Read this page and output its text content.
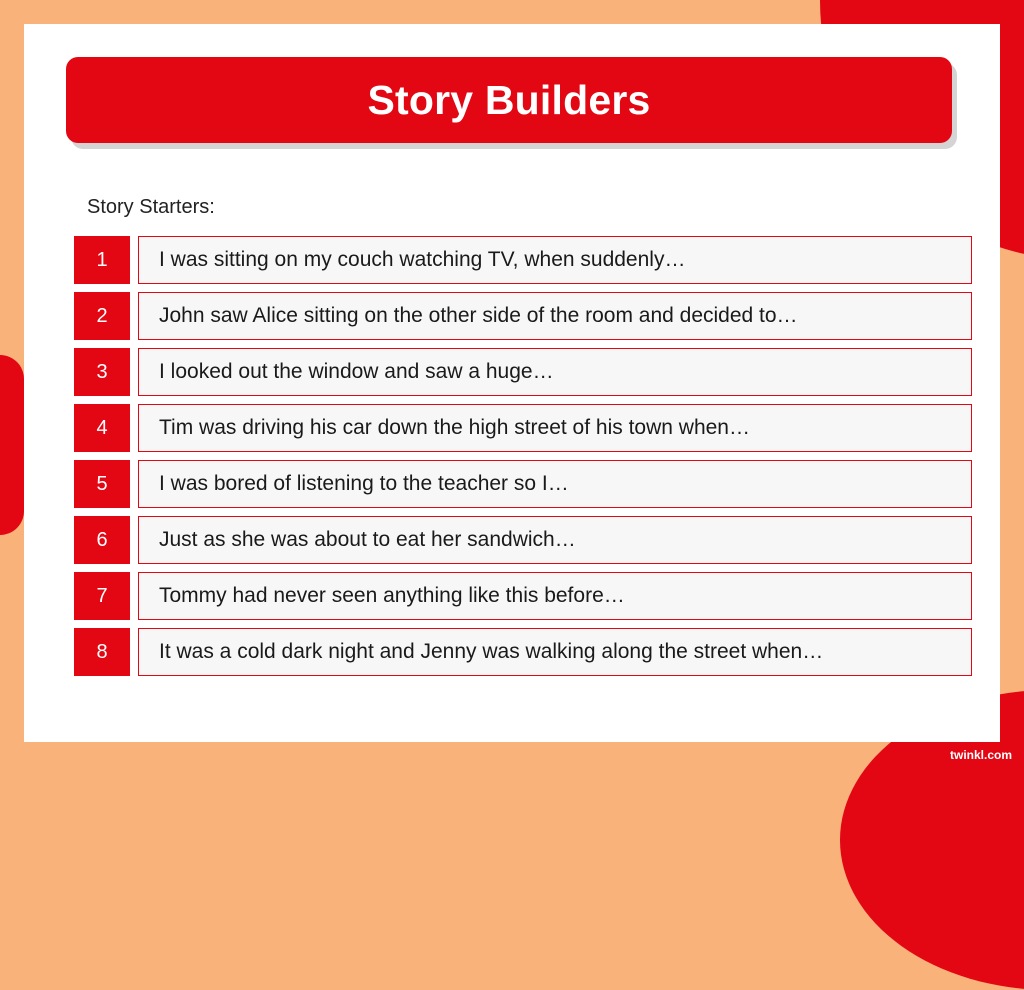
Story Builders
Story Starters:
1	I was sitting on my couch watching TV, when suddenly…
2	John saw Alice sitting on the other side of the room and decided to…
3	I looked out the window and saw a huge…
4	Tim was driving his car down the high street of his town when…
5	I was bored of listening to the teacher so I…
6	Just as she was about to eat her sandwich…
7	Tommy had never seen anything like this before…
8	It was a cold dark night and Jenny was walking along the street when…
twinkl.com
